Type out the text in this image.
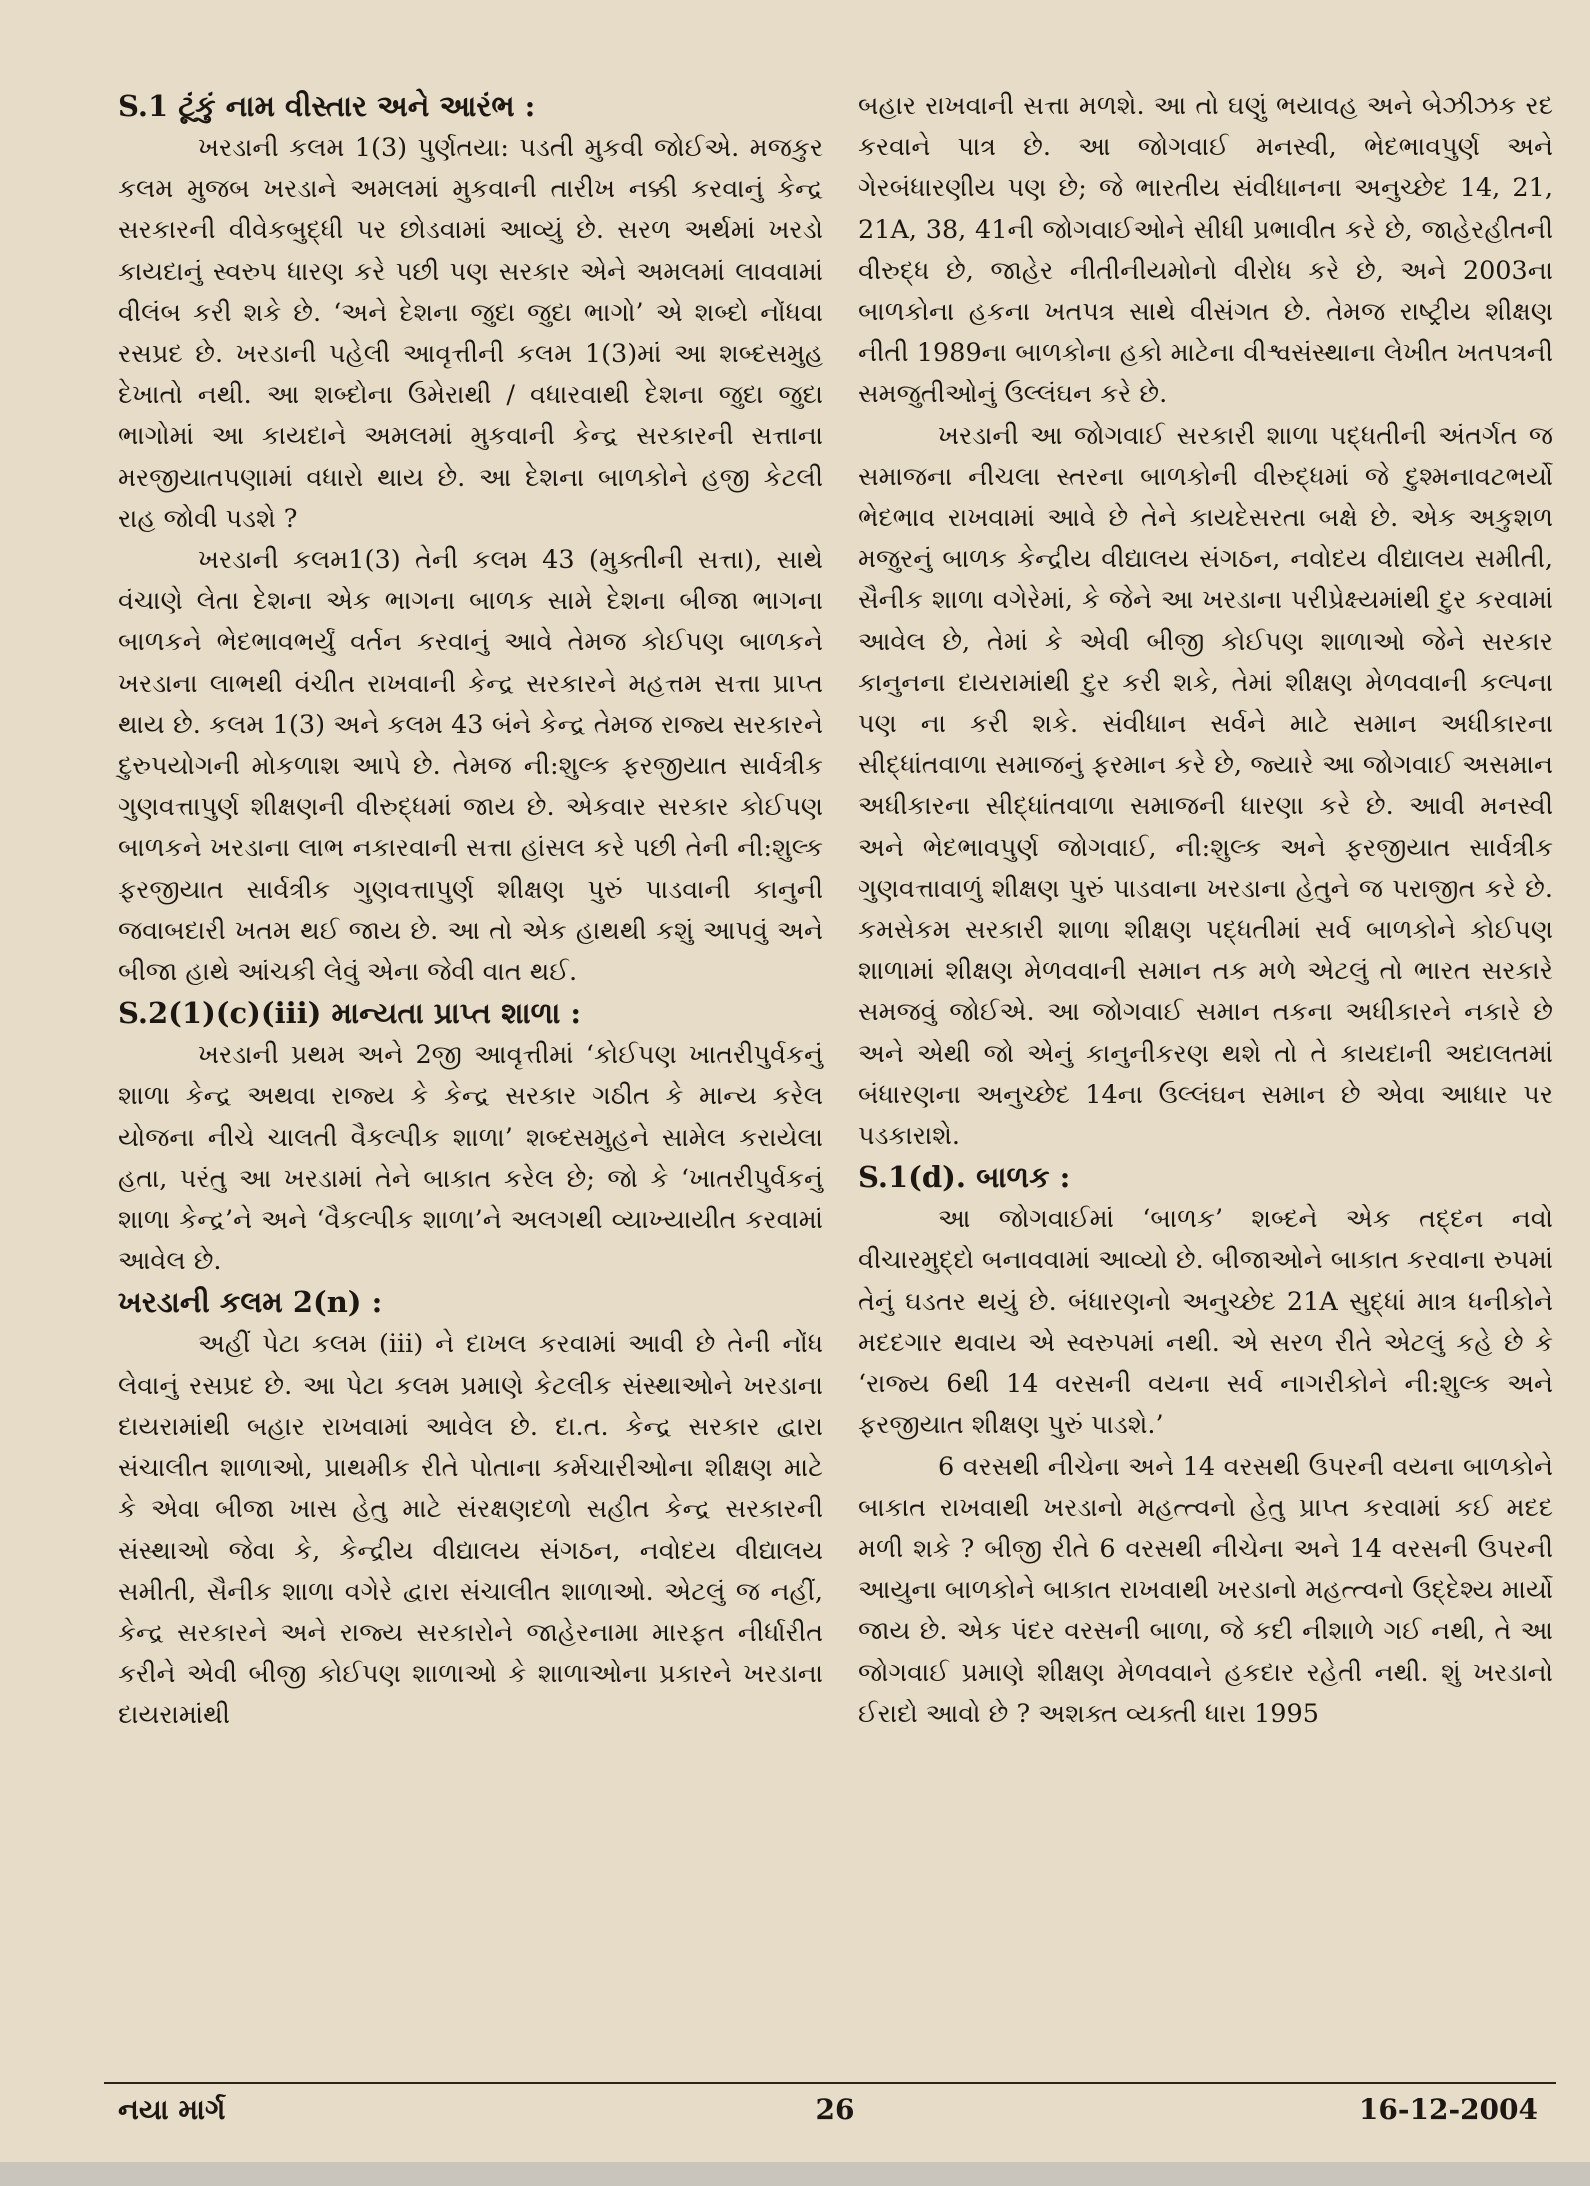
S.1 ટૂંકું નામ વીસ્તાર અને આરંભ :

ખરડાની કલમ 1(3) પુર્ણતયા: પડતી મુકવી જોઈએ. મજકુર કલમ મુજબ ખરડાને અમલમાં મુકવાની તારીખ નક્કી કરવાનું કેન્દ્ર સરકારની વીવેકબુદ્ધી પર છોડવામાં આવ્યું છે. સરળ અર્થમાં ખરડો કાયદાનું સ્વરુપ ધારણ કરે પછી પણ સરકાર એને અમલમાં લાવવામાં વીલંબ કરી શકે છે. ‘અને દેશના જુદા જુદા ભાગો’ એ શબ્દો નોંધવા રસપ્રદ છે. ખરડાની પહેલી આવૃત્તીની કલમ 1(3)માં આ શબ્દસમુહ દેખાતો નથી. આ શબ્દોના ઉમેરાથી / વધારવાથી દેશના જુદા જુદા ભાગોમાં આ કાયદાને અમલમાં મુકવાની કેન્દ્ર સરકારની સત્તાના મરજીયાતપણામાં વધારો થાય છે. આ દેશના બાળકોને હજી કેટલી રાહ જોવી પડશે ?

ખરડાની કલમ1(3) તેની કલમ 43 (મુક્તીની સત્તા), સાથે વંચાણે લેતા દેશના એક ભાગના બાળક સામે દેશના બીજા ભાગના બાળકને ભેદભાવભર્યું વર્તન કરવાનું આવે તેમજ કોઈપણ બાળકને ખરડાના લાભથી વંચીત રાખવાની કેન્દ્ર સરકારને મહત્તમ સત્તા પ્રાપ્ત થાય છે. કલમ 1(3) અને કલમ 43 બંને કેન્દ્ર તેમજ રાજ્ય સરકારને દુરુપયોગની મોકળાશ આપે છે. તેમજ ની:શુલ્ક ફરજીયાત સાર્વત્રીક ગુણવત્તાપુર્ણ શીક્ષણની વીરુદ્ધમાં જાય છે. એકવાર સરકાર કોઈપણ બાળકને ખરડાના લાભ નકારવાની સત્તા હાંસલ કરે પછી તેની ની:શુલ્ક ફરજીયાત સાર્વત્રીક ગુણવત્તાપુર્ણ શીક્ષણ પુરું પાડવાની કાનુની જવાબદારી ખતમ થઈ જાય છે. આ તો એક હાથથી કશું આપવું અને બીજા હાથે આંચકી લેવું એના જેવી વાત થઈ.

S.2(1)(c)(iii) માન્યતા પ્રાપ્ત શાળા :

ખરડાની પ્રથમ અને 2જી આવૃત્તીમાં ‘કોઈપણ ખાતરીપુર્વકનું શાળા કેન્દ્ર અથવા રાજ્ય કે કેન્દ્ર સરકાર ગઠીત કે માન્ય કરેલ યોજના નીચે ચાલતી વૈકલ્પીક શાળા’ શબ્દસમુહને સામેલ કરાયેલા હતા, પરંતુ આ ખરડામાં તેને બાકાત કરેલ છે; જો કે ‘ખાતરીપુર્વકનું શાળા કેન્દ્ર’ને અને ‘વૈકલ્પીક શાળા’ને અલગથી વ્યાખ્યાયીત કરવામાં આવેલ છે.

ખરડાની કલમ 2(n) :

અહીં પેટા કલમ (iii) ને દાખલ કરવામાં આવી છે તેની નોંધ લેવાનું રસપ્રદ છે. આ પેટા કલમ પ્રમાણે કેટલીક સંસ્થાઓને ખરડાના દાયરામાંથી બહાર રાખવામાં આવેલ છે. દા.ત. કેન્દ્ર સરકાર દ્વારા સંચાલીત શાળાઓ, પ્રાથમીક રીતે પોતાના કર્મચારીઓના શીક્ષણ માટે કે એવા બીજા ખાસ હેતુ માટે સંરક્ષણદળો સહીત કેન્દ્ર સરકારની સંસ્થાઓ જેવા કે, કેન્દ્રીય વીદ્યાલય સંગઠન, નવોદય વીદ્યાલય સમીતી, સૈનીક શાળા વગેરે દ્વારા સંચાલીત શાળાઓ. એટલું જ નહીં, કેન્દ્ર સરકારને અને રાજ્ય સરકારોને જાહેરનામા મારફત નીર્ધારીત કરીને એવી બીજી કોઈપણ શાળાઓ કે શાળાઓના પ્રકારને ખરડાના દાયરામાંથી

બહાર રાખવાની સત્તા મળશે. આ તો ઘણું ભયાવહ અને બેઝીઝક રદ કરવાને પાત્ર છે. આ જોગવાઈ મનસ્વી, ભેદભાવપુર્ણ અને ગેરબંધારણીય પણ છે; જે ભારતીય સંવીધાનના અનુચ્છેદ 14, 21, 21A, 38, 41ની જોગવાઈઓને સીધી પ્રભાવીત કરે છે, જાહેરહીતની વીરુદ્ધ છે, જાહેર નીતીનીયમોનો વીરોધ કરે છે, અને 2003ના બાળકોના હકના ખતપત્ર સાથે વીસંગત છે. તેમજ રાષ્ટ્રીય શીક્ષણ નીતી 1989ના બાળકોના હકો માટેના વીશ્વસંસ્થાના લેખીત ખતપત્રની સમજુતીઓનું ઉલ્લંઘન કરે છે.

ખરડાની આ જોગવાઈ સરકારી શાળા પદ્ધતીની અંતર્ગત જ સમાજના નીચલા સ્તરના બાળકોની વીરુદ્ધમાં જે દુશ્મનાવટભર્યો ભેદભાવ રાખવામાં આવે છે તેને કાયદેસરતા બક્ષે છે. એક અકુશળ મજુરનું બાળક કેન્દ્રીય વીદ્યાલય સંગઠન, નવોદય વીદ્યાલય સમીતી, સૈનીક શાળા વગેરેમાં, કે જેને આ ખરડાના પરીપ્રેક્ષ્યમાંથી દુર કરવામાં આવેલ છે, તેમાં કે એવી બીજી કોઈપણ શાળાઓ જેને સરકાર કાનુનના દાયરામાંથી દુર કરી શકે, તેમાં શીક્ષણ મેળવવાની કલ્પના પણ ના કરી શકે. સંવીધાન સર્વને માટે સમાન અધીકારના સીદ્ધાંતવાળા સમાજનું ફરમાન કરે છે, જ્યારે આ જોગવાઈ અસમાન અધીકારના સીદ્ધાંતવાળા સમાજની ધારણા કરે છે. આવી મનસ્વી અને ભેદભાવપુર્ણ જોગવાઈ, ની:શુલ્ક અને ફરજીયાત સાર્વત્રીક ગુણવત્તાવાળું શીક્ષણ પુરું પાડવાના ખરડાના હેતુને જ પરાજીત કરે છે. કમસેકમ સરકારી શાળા શીક્ષણ પદ્ધતીમાં સર્વ બાળકોને કોઈપણ શાળામાં શીક્ષણ મેળવવાની સમાન તક મળે એટલું તો ભારત સરકારે સમજવું જોઈએ. આ જોગવાઈ સમાન તકના અધીકારને નકારે છે અને એથી જો એનું કાનુનીકરણ થશે તો તે કાયદાની અદાલતમાં બંધારણના અનુચ્છેદ 14ના ઉલ્લંઘન સમાન છે એવા આધાર પર પડકારાશે.

S.1(d). બાળક :

આ જોગવાઈમાં ‘બાળક’ શબ્દને એક તદ્દન નવો વીચારમુદ્દો બનાવવામાં આવ્યો છે. બીજાઓને બાકાત કરવાના રુપમાં તેનું ઘડતર થયું છે. બંધારણનો અનુચ્છેદ 21A સુદ્ધાં માત્ર ધનીકોને મદદગાર થવાય એ સ્વરુપમાં નથી. એ સરળ રીતે એટલું કહે છે કે ‘રાજ્ય 6થી 14 વરસની વયના સર્વ નાગરીકોને ની:શુલ્ક અને ફરજીયાત શીક્ષણ પુરું પાડશે.’

6 વરસથી નીચેના અને 14 વરસથી ઉપરની વયના બાળકોને બાકાત રાખવાથી ખરડાનો મહત્ત્વનો હેતુ પ્રાપ્ત કરવામાં કઈ મદદ મળી શકે ? બીજી રીતે 6 વરસથી નીચેના અને 14 વરસની ઉપરની આયુના બાળકોને બાકાત રાખવાથી ખરડાનો મહત્ત્વનો ઉદ્દેશ્ય માર્યો જાય છે. એક પંદર વરસની બાળા, જે કદી નીશાળે ગઈ નથી, તે આ જોગવાઈ પ્રમાણે શીક્ષણ મેળવવાને હકદાર રહેતી નથી. શું ખરડાનો ઈરાદો આવો છે ? અશક્ત વ્યક્તી ધારા 1995

નયા માર્ગ	26	16-12-2004
